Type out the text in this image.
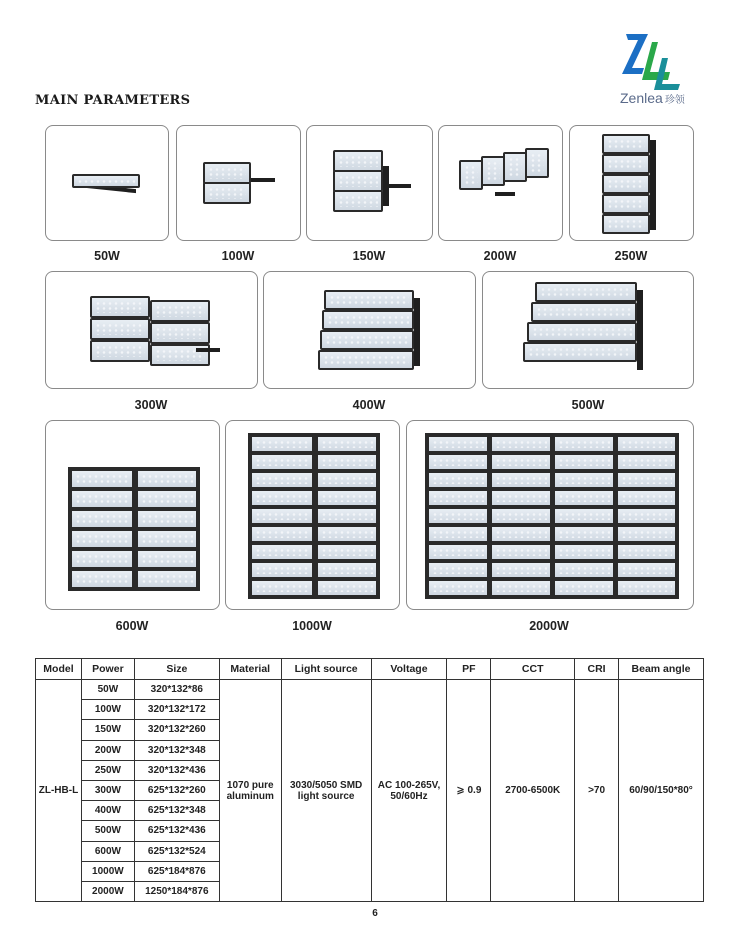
Zenlea 珍领
MAIN PARAMETERS
50W	100W	150W	200W	250W
300W	400W	500W
600W	1000W	2000W
Model	Power	Size	Material	Light source	Voltage	PF	CCT	CRI	Beam angle
ZL-HB-L	50W	320*132*86	1070 pure aluminum	3030/5050 SMD light source	AC 100-265V, 50/60Hz	⩾ 0.9	2700-6500K	>70	60/90/150*80°
	100W	320*132*172							
	150W	320*132*260							
	200W	320*132*348							
	250W	320*132*436							
	300W	625*132*260							
	400W	625*132*348							
	500W	625*132*436							
	600W	625*132*524							
	1000W	625*184*876							
	2000W	1250*184*876							
6
